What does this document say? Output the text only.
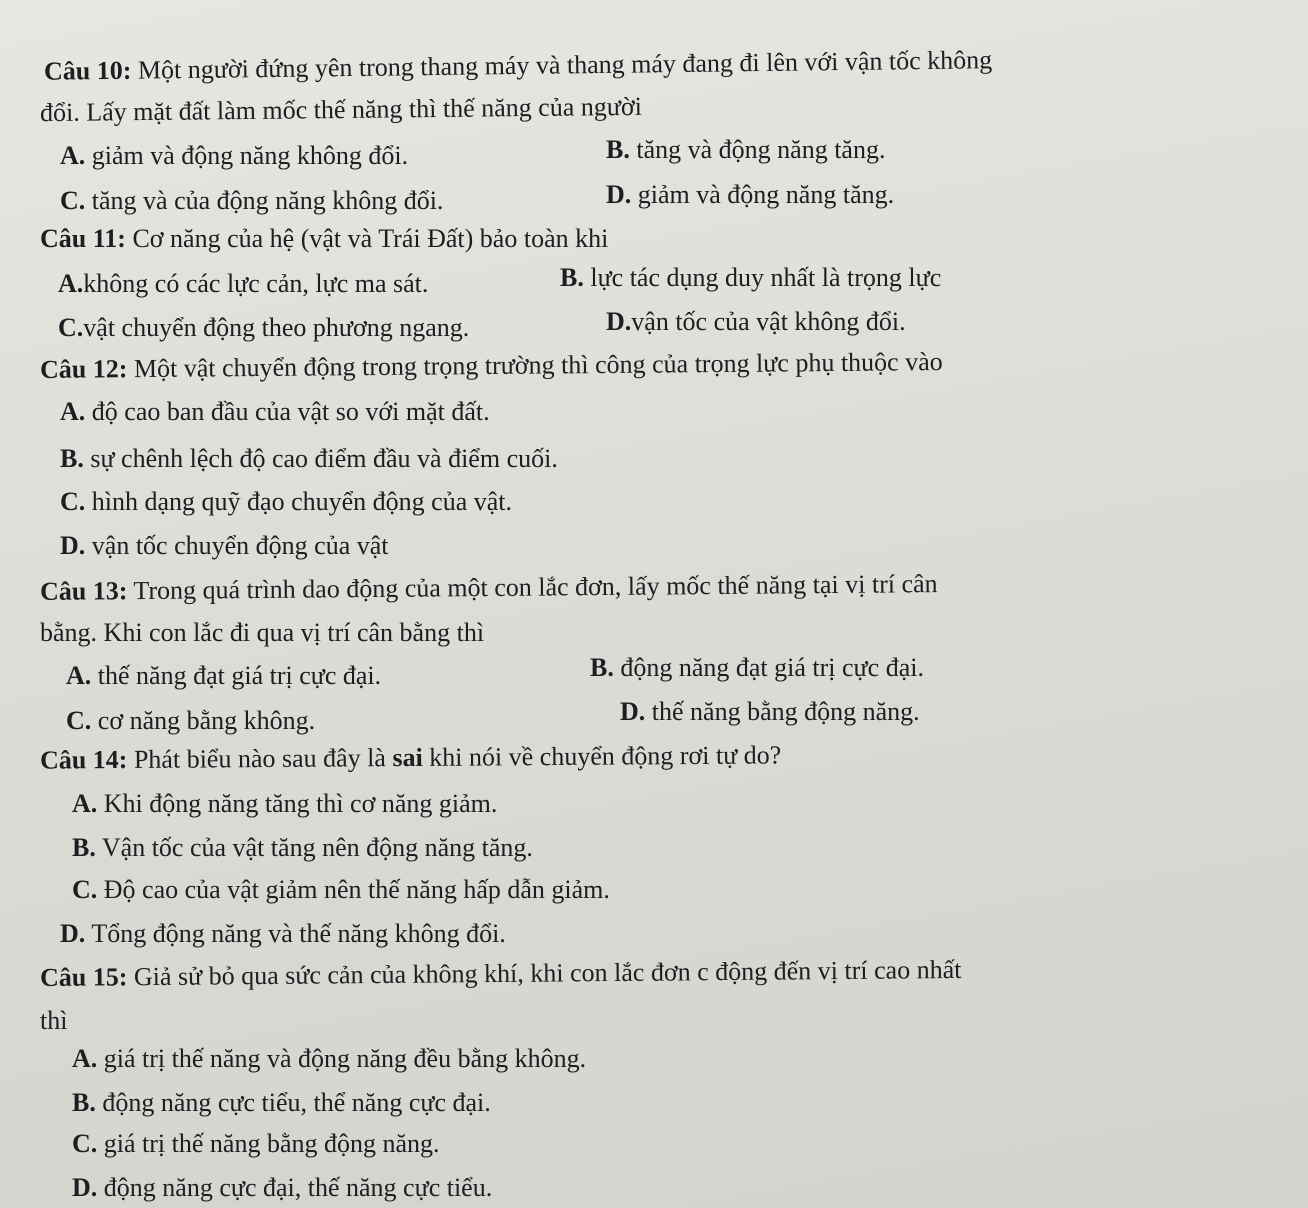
Câu 10: Một người đứng yên trong thang máy và thang máy đang đi lên với vận tốc không
đổi. Lấy mặt đất làm mốc thế năng thì thế năng của người
A. giảm và động năng không đổi.	B. tăng và động năng tăng.
C. tăng và của động năng không đổi.	D. giảm và động năng tăng.
Câu 11: Cơ năng của hệ (vật và Trái Đất) bảo toàn khi
A.không có các lực cản, lực ma sát.	B. lực tác dụng duy nhất là trọng lực
C.vật chuyển động theo phương ngang.	D.vận tốc của vật không đổi.
Câu 12: Một vật chuyển động trong trọng trường thì công của trọng lực phụ thuộc vào
A. độ cao ban đầu của vật so với mặt đất.
B. sự chênh lệch độ cao điểm đầu và điểm cuối.
C. hình dạng quỹ đạo chuyển động của vật.
D. vận tốc chuyển động của vật
Câu 13: Trong quá trình dao động của một con lắc đơn, lấy mốc thế năng tại vị trí cân
bằng. Khi con lắc đi qua vị trí cân bằng thì
A. thế năng đạt giá trị cực đại.	B. động năng đạt giá trị cực đại.
C. cơ năng bằng không.	D. thế năng bằng động năng.
Câu 14: Phát biểu nào sau đây là sai khi nói về chuyển động rơi tự do?
A. Khi động năng tăng thì cơ năng giảm.
B. Vận tốc của vật tăng nên động năng tăng.
C. Độ cao của vật giảm nên thế năng hấp dẫn giảm.
D. Tổng động năng và thế năng không đổi.
Câu 15: Giả sử bỏ qua sức cản của không khí, khi con lắc đơn c động đến vị trí cao nhất
thì
A. giá trị thế năng và động năng đều bằng không.
B. động năng cực tiểu, thể năng cực đại.
C. giá trị thế năng bằng động năng.
D. động năng cực đại, thế năng cực tiểu.
